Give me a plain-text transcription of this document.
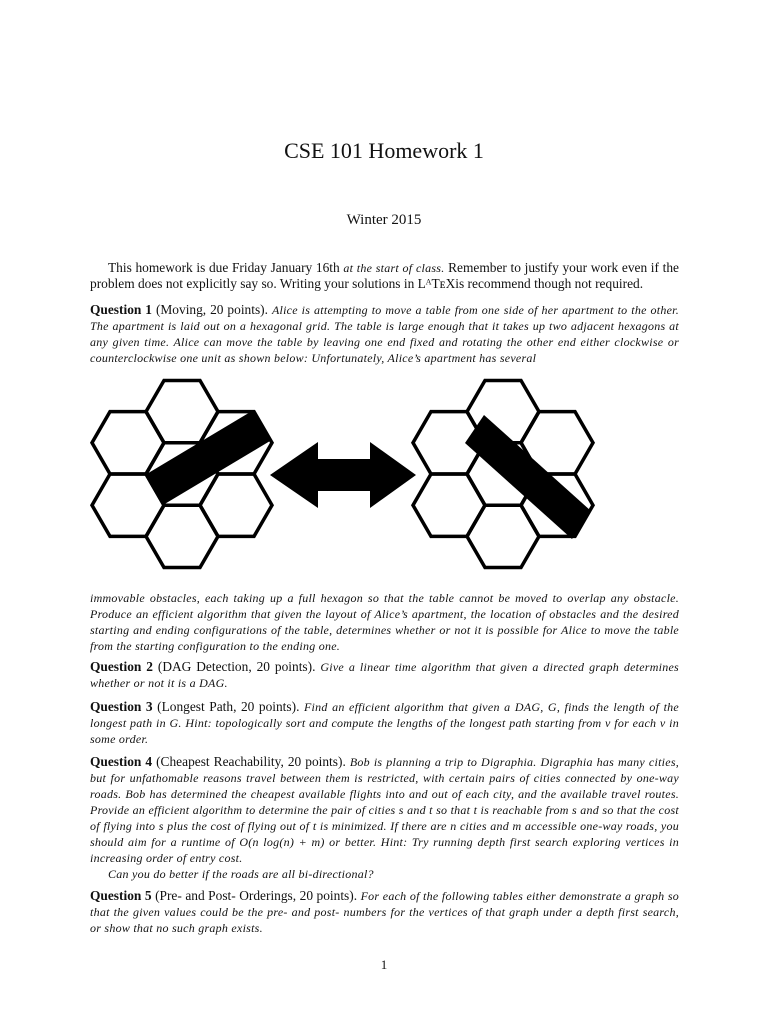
CSE 101 Homework 1
Winter 2015
This homework is due Friday January 16th at the start of class. Remember to justify your work even if the problem does not explicitly say so. Writing your solutions in LᴬTᴇXis recommend though not required.
Question 1 (Moving, 20 points). Alice is attempting to move a table from one side of her apartment to the other. The apartment is laid out on a hexagonal grid. The table is large enough that it takes up two adjacent hexagons at any given time. Alice can move the table by leaving one end fixed and rotating the other end either clockwise or counterclockwise one unit as shown below: Unfortunately, Alice’s apartment has several
immovable obstacles, each taking up a full hexagon so that the table cannot be moved to overlap any obstacle. Produce an efficient algorithm that given the layout of Alice’s apartment, the location of obstacles and the desired starting and ending configurations of the table, determines whether or not it is possible for Alice to move the table from the starting configuration to the ending one.
Question 2 (DAG Detection, 20 points). Give a linear time algorithm that given a directed graph determines whether or not it is a DAG.
Question 3 (Longest Path, 20 points). Find an efficient algorithm that given a DAG, G, finds the length of the longest path in G. Hint: topologically sort and compute the lengths of the longest path starting from v for each v in some order.
Question 4 (Cheapest Reachability, 20 points). Bob is planning a trip to Digraphia. Digraphia has many cities, but for unfathomable reasons travel between them is restricted, with certain pairs of cities connected by one-way roads. Bob has determined the cheapest available flights into and out of each city, and the available travel routes. Provide an efficient algorithm to determine the pair of cities s and t so that t is reachable from s and so that the cost of flying into s plus the cost of flying out of t is minimized. If there are n cities and m accessible one-way roads, you should aim for a runtime of O(n log(n) + m) or better. Hint: Try running depth first search exploring vertices in increasing order of entry cost.
Can you do better if the roads are all bi-directional?
Question 5 (Pre- and Post- Orderings, 20 points). For each of the following tables either demonstrate a graph so that the given values could be the pre- and post- numbers for the vertices of that graph under a depth first search, or show that no such graph exists.
1
